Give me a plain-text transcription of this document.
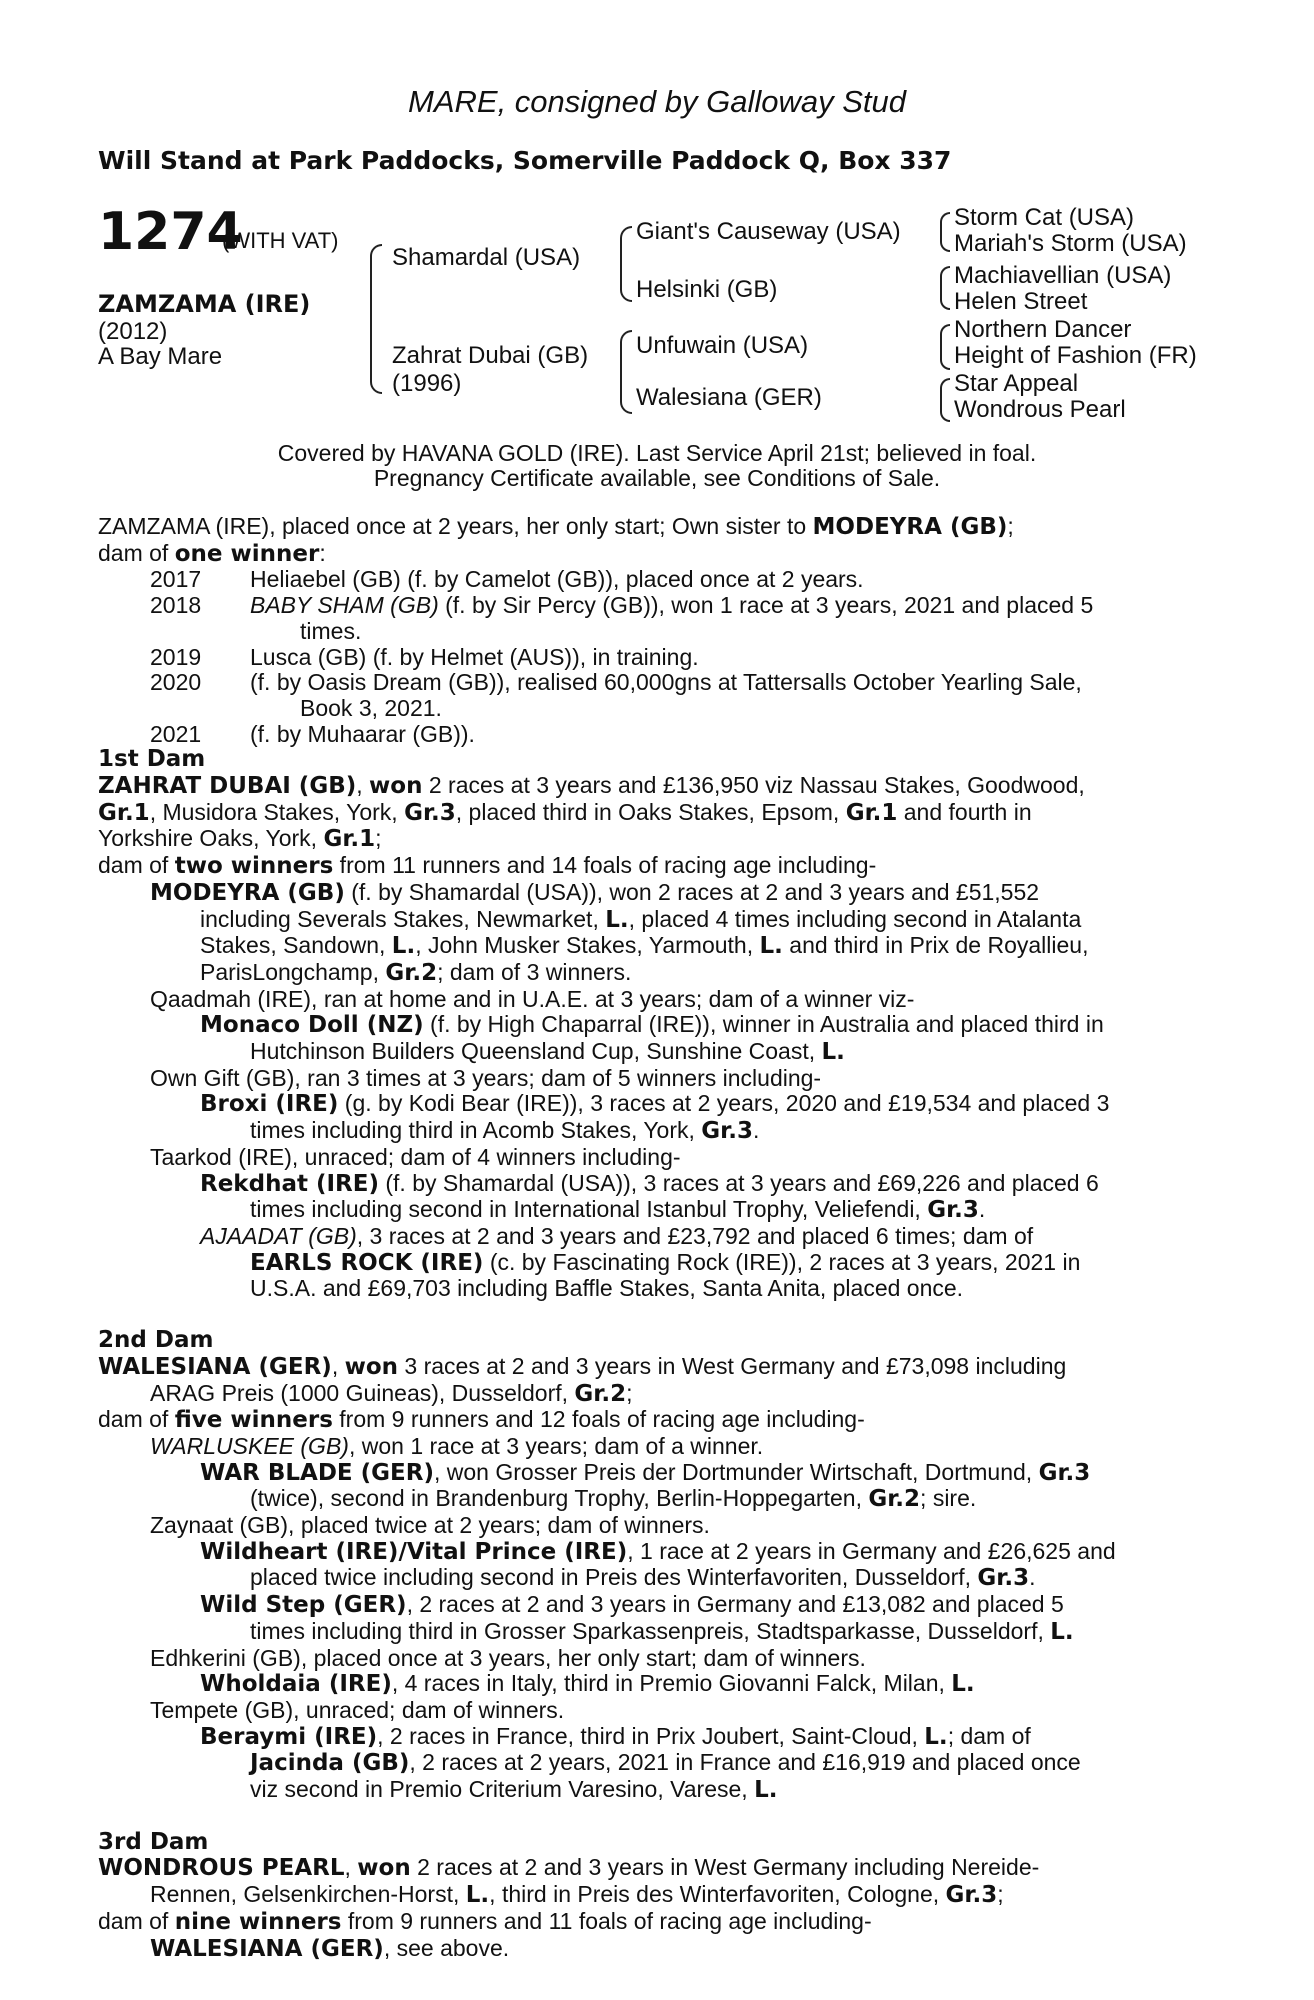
MARE, consigned by Galloway Stud
Will Stand at Park Paddocks, Somerville Paddock Q, Box 337
1274
(WITH VAT)
ZAMZAMA (IRE)
(2012)
A Bay Mare
Shamardal (USA)
Zahrat Dubai (GB)
(1996)
Giant's Causeway (USA)
Helsinki (GB)
Unfuwain (USA)
Walesiana (GER)
Storm Cat (USA)
Mariah's Storm (USA)
Machiavellian (USA)
Helen Street
Northern Dancer
Height of Fashion (FR)
Star Appeal
Wondrous Pearl
Covered by HAVANA GOLD (IRE). Last Service April 21st; believed in foal.
Pregnancy Certificate available, see Conditions of Sale.

ZAMZAMA (IRE), placed once at 2 years, her only start; Own sister to MODEYRA (GB);

dam of one winner:

2017 Heliaebel (GB) (f. by Camelot (GB)), placed once at 2 years.
2018 BABY SHAM (GB) (f. by Sir Percy (GB)), won 1 race at 3 years, 2021 and placed 5
times.
2019 Lusca (GB) (f. by Helmet (AUS)), in training.
2020 (f. by Oasis Dream (GB)), realised 60,000gns at Tattersalls October Yearling Sale,
Book 3, 2021.
2021 (f. by Muhaarar (GB)).

1st Dam

ZAHRAT DUBAI (GB), won 2 races at 3 years and £136,950 viz Nassau Stakes, Goodwood,

Gr.1, Musidora Stakes, York, Gr.3, placed third in Oaks Stakes, Epsom, Gr.1 and fourth in

Yorkshire Oaks, York, Gr.1;

dam of two winners from 11 runners and 14 foals of racing age including-

MODEYRA (GB) (f. by Shamardal (USA)), won 2 races at 2 and 3 years and £51,552

including Severals Stakes, Newmarket, L., placed 4 times including second in Atalanta

Stakes, Sandown, L., John Musker Stakes, Yarmouth, L. and third in Prix de Royallieu,

ParisLongchamp, Gr.2; dam of 3 winners.

Qaadmah (IRE), ran at home and in U.A.E. at 3 years; dam of a winner viz-

Monaco Doll (NZ) (f. by High Chaparral (IRE)), winner in Australia and placed third in

Hutchinson Builders Queensland Cup, Sunshine Coast, L.

Own Gift (GB), ran 3 times at 3 years; dam of 5 winners including-

Broxi (IRE) (g. by Kodi Bear (IRE)), 3 races at 2 years, 2020 and £19,534 and placed 3

times including third in Acomb Stakes, York, Gr.3.

Taarkod (IRE), unraced; dam of 4 winners including-

Rekdhat (IRE) (f. by Shamardal (USA)), 3 races at 3 years and £69,226 and placed 6

times including second in International Istanbul Trophy, Veliefendi, Gr.3.

AJAADAT (GB), 3 races at 2 and 3 years and £23,792 and placed 6 times; dam of

EARLS ROCK (IRE) (c. by Fascinating Rock (IRE)), 2 races at 3 years, 2021 in

U.S.A. and £69,703 including Baffle Stakes, Santa Anita, placed once.

2nd Dam

WALESIANA (GER), won 3 races at 2 and 3 years in West Germany and £73,098 including

ARAG Preis (1000 Guineas), Dusseldorf, Gr.2;

dam of five winners from 9 runners and 12 foals of racing age including-

WARLUSKEE (GB), won 1 race at 3 years; dam of a winner.

WAR BLADE (GER), won Grosser Preis der Dortmunder Wirtschaft, Dortmund, Gr.3

(twice), second in Brandenburg Trophy, Berlin-Hoppegarten, Gr.2; sire.

Zaynaat (GB), placed twice at 2 years; dam of winners.

Wildheart (IRE)/Vital Prince (IRE), 1 race at 2 years in Germany and £26,625 and

placed twice including second in Preis des Winterfavoriten, Dusseldorf, Gr.3.

Wild Step (GER), 2 races at 2 and 3 years in Germany and £13,082 and placed 5

times including third in Grosser Sparkassenpreis, Stadtsparkasse, Dusseldorf, L.

Edhkerini (GB), placed once at 3 years, her only start; dam of winners.

Wholdaia (IRE), 4 races in Italy, third in Premio Giovanni Falck, Milan, L.

Tempete (GB), unraced; dam of winners.

Beraymi (IRE), 2 races in France, third in Prix Joubert, Saint-Cloud, L.; dam of

Jacinda (GB), 2 races at 2 years, 2021 in France and £16,919 and placed once

viz second in Premio Criterium Varesino, Varese, L.

3rd Dam

WONDROUS PEARL, won 2 races at 2 and 3 years in West Germany including Nereide-

Rennen, Gelsenkirchen-Horst, L., third in Preis des Winterfavoriten, Cologne, Gr.3;

dam of nine winners from 9 runners and 11 foals of racing age including-

WALESIANA (GER), see above.
